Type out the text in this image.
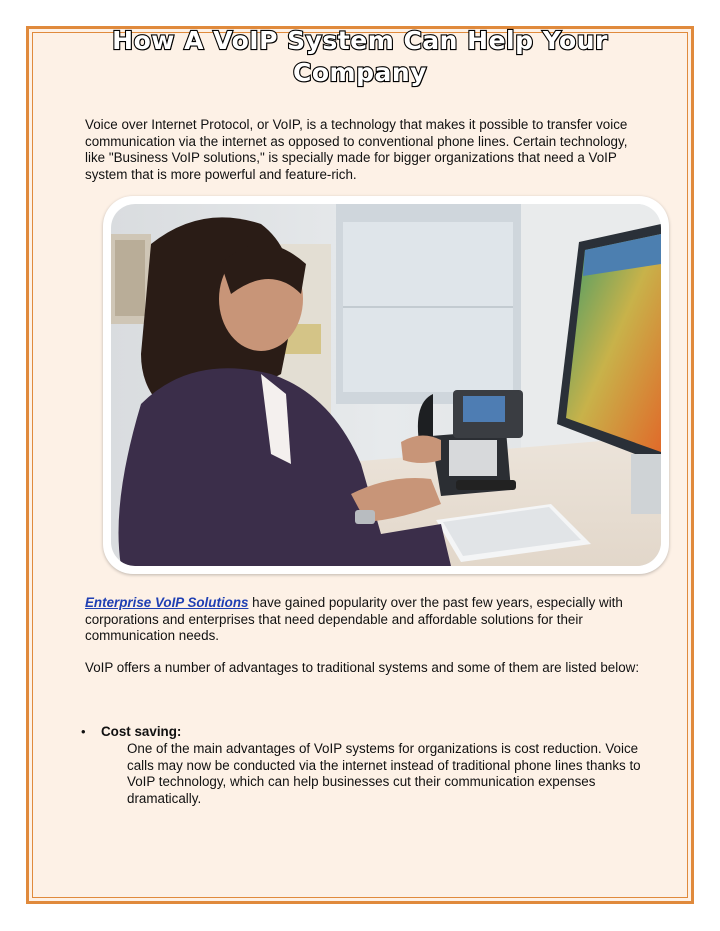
How A VoIP System Can Help Your
Company

Voice over Internet Protocol, or VoIP, is a technology that makes it possible to transfer voice communication via the internet as opposed to conventional phone lines. Certain technology, like "Business VoIP solutions," is specially made for bigger organizations that need a VoIP system that is more powerful and feature-rich.

Enterprise VoIP Solutions have gained popularity over the past few years, especially with corporations and enterprises that need dependable and affordable solutions for their communication needs.

VoIP offers a number of advantages to traditional systems and some of them are listed below:

• Cost saving:

One of the main advantages of VoIP systems for organizations is cost reduction. Voice calls may now be conducted via the internet instead of traditional phone lines thanks to VoIP technology, which can help businesses cut their communication expenses dramatically.
